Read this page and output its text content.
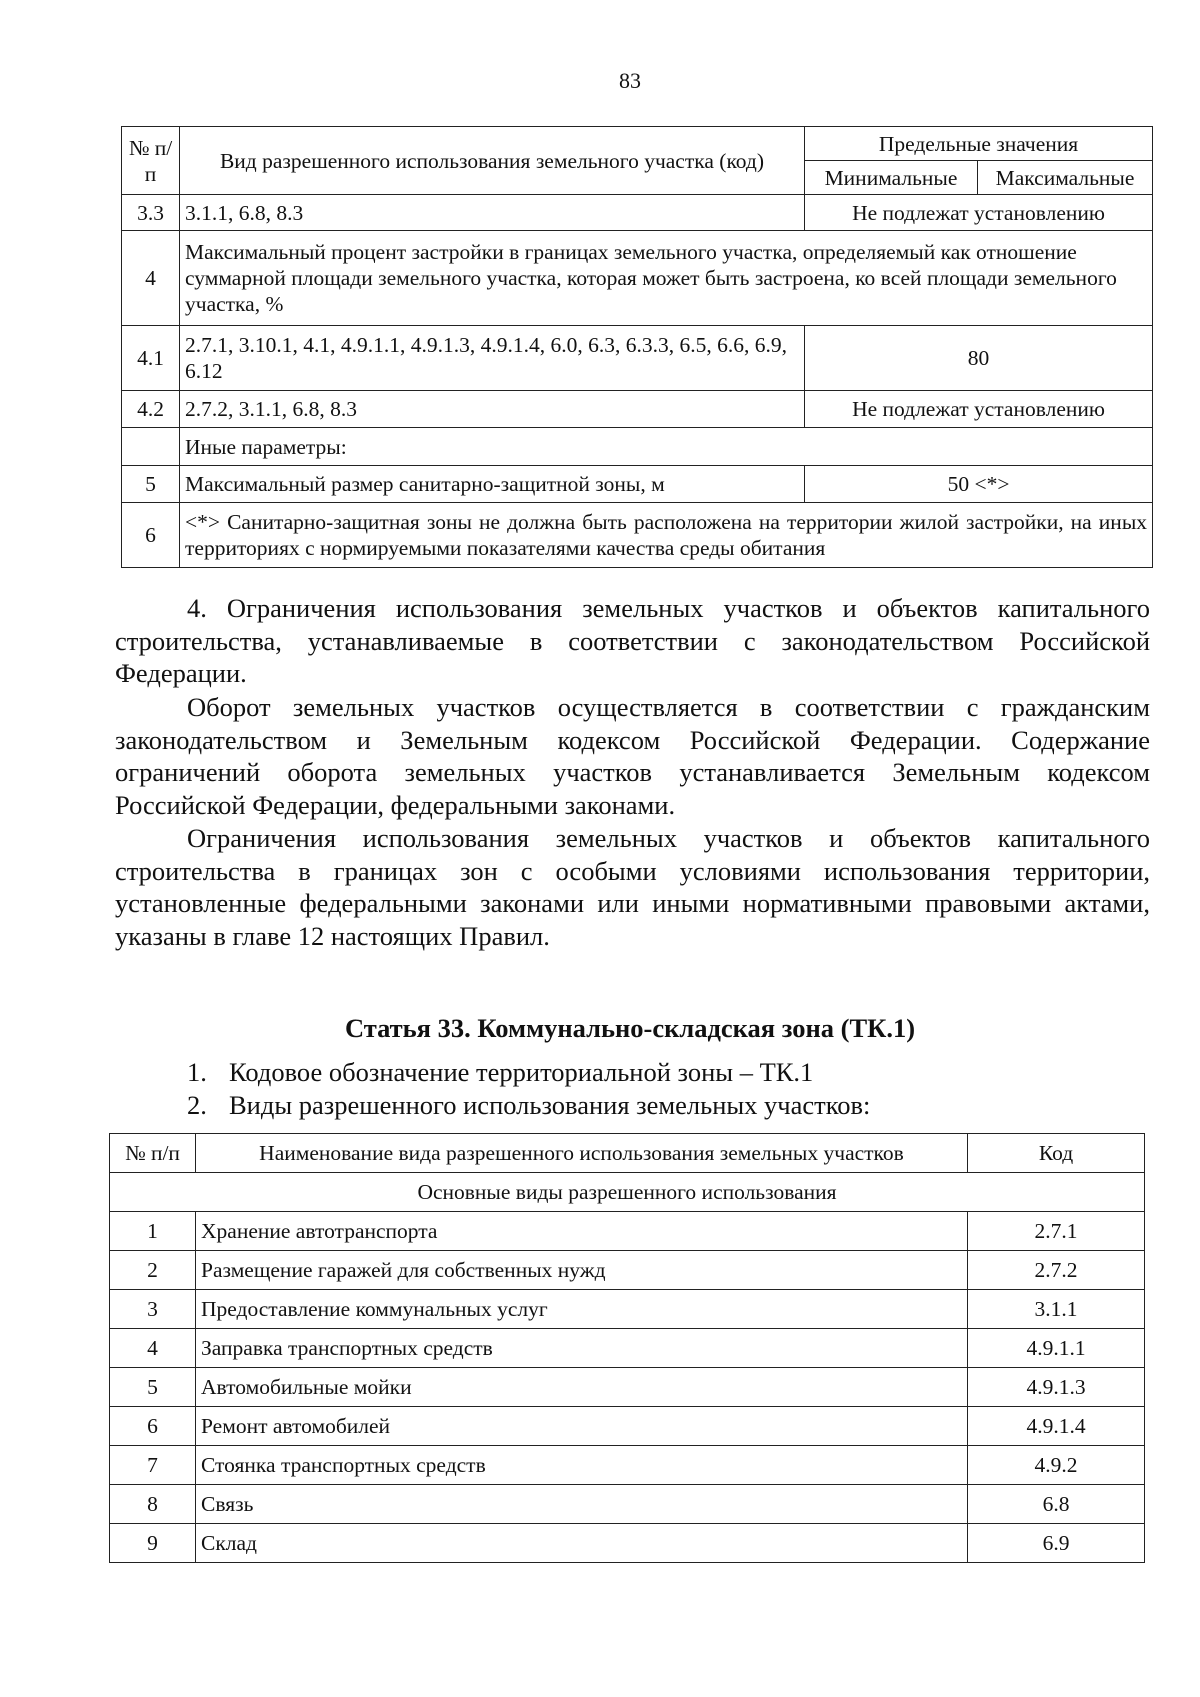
83
№ п/п	Вид разрешенного использования земельного участка (код)	Предельные значения	
		Минимальные	Максимальные
3.3	3.1.1, 6.8, 8.3	Не подлежат установлению	
4	Максимальный процент застройки в границах земельного участка, определяемый как отношение суммарной площади земельного участка, которая может быть застроена, ко всей площади земельного участка, %		
4.1	2.7.1, 3.10.1, 4.1, 4.9.1.1, 4.9.1.3, 4.9.1.4, 6.0, 6.3, 6.3.3, 6.5, 6.6, 6.9, 6.12	80	
4.2	2.7.2, 3.1.1, 6.8, 8.3	Не подлежат установлению	
	Иные параметры:		
5	Максимальный размер санитарно-защитной зоны, м	50 <*>	
6	<*> Санитарно-защитная зоны не должна быть расположена на территории жилой застройки, на иных территориях с нормируемыми показателями качества среды обитания		
4. Ограничения использования земельных участков и объектов капитального строительства, устанавливаемые в соответствии с законодательством Российской Федерации.
Оборот земельных участков осуществляется в соответствии с гражданским законодательством и Земельным кодексом Российской Федерации. Содержание ограничений оборота земельных участков устанавливается Земельным кодексом Российской Федерации, федеральными законами.
Ограничения использования земельных участков и объектов капитального строительства в границах зон с особыми условиями использования территории, установленные федеральными законами или иными нормативными правовыми актами, указаны в главе 12 настоящих Правил.
Статья 33. Коммунально-складская зона (ТК.1)
1. Кодовое обозначение территориальной зоны – ТК.1
2. Виды разрешенного использования земельных участков:
№ п/п	Наименование вида разрешенного использования земельных участков	Код
Основные виды разрешенного использования		
1	Хранение автотранспорта	2.7.1
2	Размещение гаражей для собственных нужд	2.7.2
3	Предоставление коммунальных услуг	3.1.1
4	Заправка транспортных средств	4.9.1.1
5	Автомобильные мойки	4.9.1.3
6	Ремонт автомобилей	4.9.1.4
7	Стоянка транспортных средств	4.9.2
8	Связь	6.8
9	Склад	6.9
